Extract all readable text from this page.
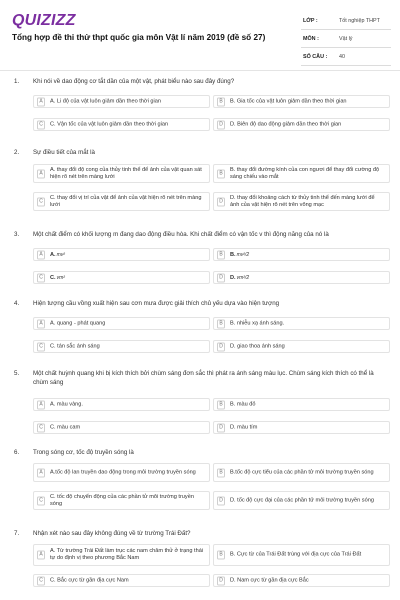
QUIZIZZ
Tổng hợp đề thi thử thpt quốc gia môn Vật lí năm 2019 (đề số 27)
LỚP :	Tốt nghiệp THPT
MÔN :	Vật lý
SỐ CÂU : 40
1. Khi nói về dao động cơ tắt dần của một vật, phát biểu nào sau đây đúng?
A	A. Li độ của vật luôn giảm dần theo thời gian	B	B. Gia tốc của vật luôn giảm dần theo thời gian
C	C. Vận tốc của vật luôn giảm dần theo thời gian	D	D. Biên độ dao động giảm dần theo thời gian
2. Sự điều tiết của mắt là
A
A. thay đổi độ cong của thủy tinh thể để ảnh của vật quan sát hiện rõ nét trên màng lưới
B
B. thay đổi đường kính của con ngươi để thay đổi cường độ sáng chiếu vào mắt
C
C. thay đổi vị trí của vật để ảnh của vật hiện rõ nét trên màng lưới
D
D. thay đổi khoảng cách từ thủy tinh thể đến màng lưới để ảnh của vật hiện rõ nét trên võng mạc
3. Một chất điểm có khối lượng m đang dao động điều hòa. Khi chất điểm có vận tốc v thì động năng của nó là
A	A.mv²	B	B.mv²/2
C	C.vm²	D	D.vm²/2
4. Hiện tượng cầu vồng xuất hiện sau cơn mưa được giải thích chủ yếu dựa vào hiện tượng
A	A. quang - phát quang	B	B. nhiễu xạ ánh sáng.
C	C. tán sắc ánh sáng	D	D. giao thoa ánh sáng
5. Một chất huỳnh quang khi bị kích thích bởi chùm sáng đơn sắc thì phát ra ánh sáng màu lục. Chùm sáng kích thích có thể là chùm sáng
A	A. màu vàng.	B	B. màu đỏ
C	C. màu cam	D	D. màu tím
6. Trong sóng cơ, tốc độ truyền sóng là
A	A.tốc độ lan truyền dao động trong môi trường truyền sóng	B	B.tốc độ cực tiểu của các phần tử môi trường truyền sóng
C
C. tốc độ chuyển động của các phần tử môi trường truyền sóng
D	D. tốc độ cực đại của các phần tử môi trường truyền sóng
7. Nhận xét nào sau đây không đúng về từ trường Trái Đất?
A
A. Từ trường Trái Đất làm trục các nam châm thử ở trạng thái tự do định vị theo phương Bắc Nam
B	B. Cực từ của Trái Đất trùng với địa cực của Trái Đất
C	C. Bắc cực từ gần địa cực Nam	D	D. Nam cực từ gần địa cực Bắc
